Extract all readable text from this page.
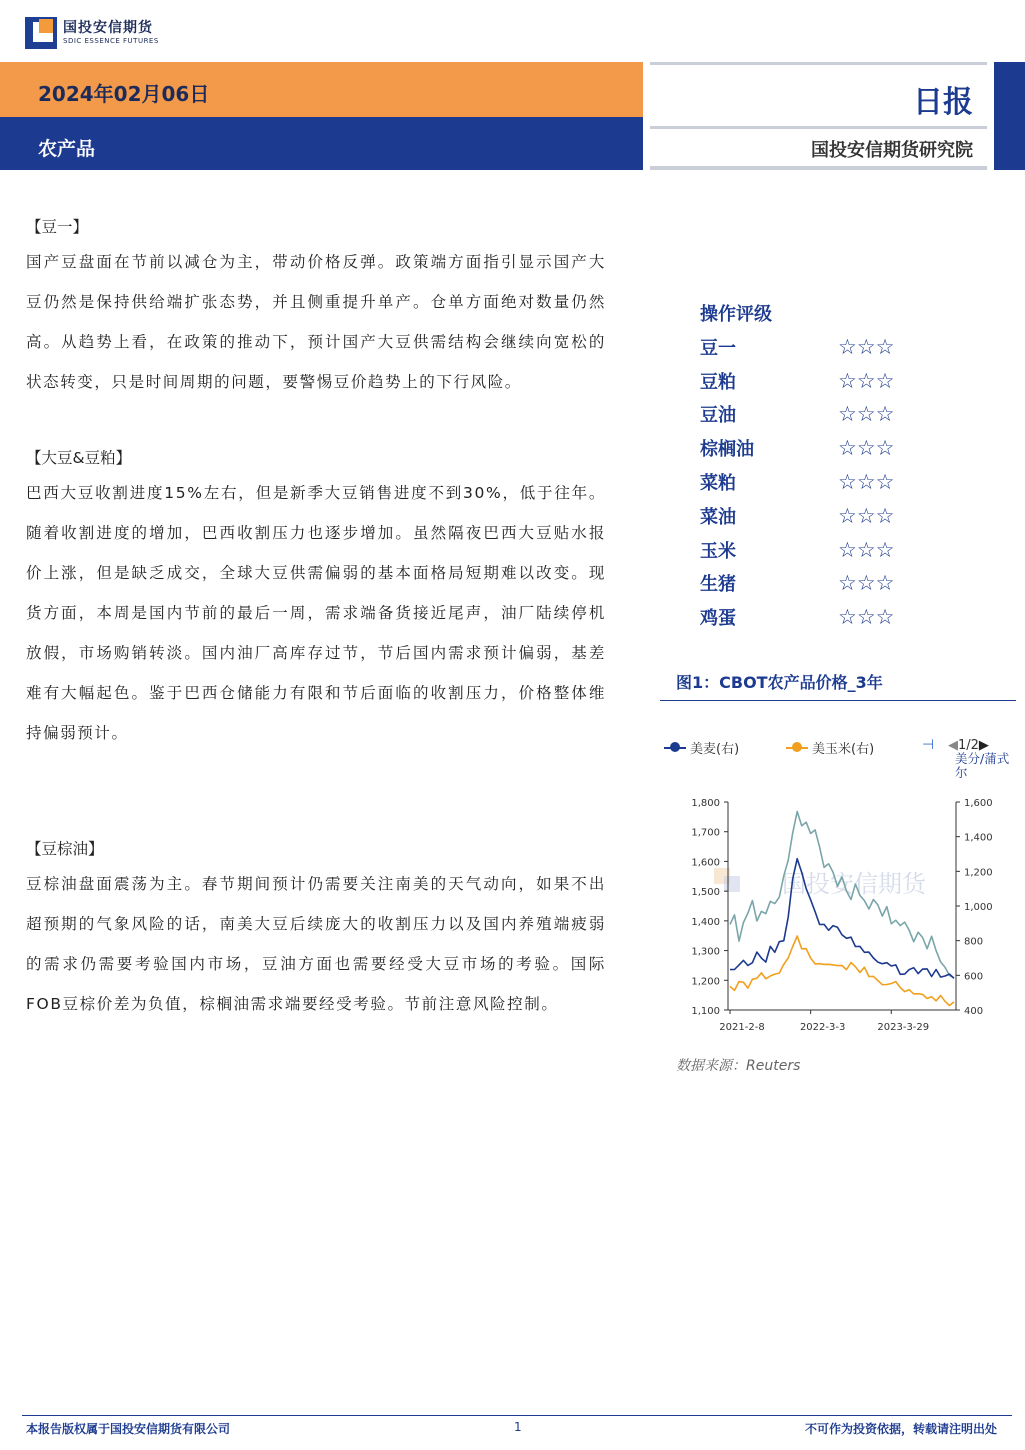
国投安信期货
SDIC ESSENCE FUTURES
2024年02月06日
农产品
日报
国投安信期货研究院
【豆一】

国产豆盘面在节前以减仓为主，带动价格反弹。政策端方面指引显示国产大豆仍然是保持供给端扩张态势，并且侧重提升单产。仓单方面绝对数量仍然高。从趋势上看，在政策的推动下，预计国产大豆供需结构会继续向宽松的状态转变，只是时间周期的问题，要警惕豆价趋势上的下行风险。

【大豆&豆粕】

巴西大豆收割进度15%左右，但是新季大豆销售进度不到30%，低于往年。随着收割进度的增加，巴西收割压力也逐步增加。虽然隔夜巴西大豆贴水报价上涨，但是缺乏成交，全球大豆供需偏弱的基本面格局短期难以改变。现货方面，本周是国内节前的最后一周，需求端备货接近尾声，油厂陆续停机放假，市场购销转淡。国内油厂高库存过节，节后国内需求预计偏弱，基差难有大幅起色。鉴于巴西仓储能力有限和节后面临的收割压力，价格整体维持偏弱预计。

【豆棕油】

豆棕油盘面震荡为主。春节期间预计仍需要关注南美的天气动向，如果不出超预期的气象风险的话，南美大豆后续庞大的收割压力以及国内养殖端疲弱的需求仍需要考验国内市场，豆油方面也需要经受大豆市场的考验。国际FOB豆棕价差为负值，棕榈油需求端要经受考验。节前注意风险控制。

操作评级
豆一	☆☆☆
豆粕	☆☆☆
豆油	☆☆☆
棕榈油	☆☆☆
菜粕	☆☆☆
菜油	☆☆☆
玉米	☆☆☆
生猪	☆☆☆
鸡蛋	☆☆☆
图1：CBOT农产品价格_3年
美麦(右)	美玉米(右)	⊣ ◀1/2▶
美分/蒲式尔
国投安信期货
1,800
1,700
1,600
1,500
1,400
1,300
1,200
1,100
1,600
1,400
1,200
1,000
800
600
400
2021-2-8	2022-3-3	2023-3-29
数据来源：Reuters
本报告版权属于国投安信期货有限公司	1	不可作为投资依据，转载请注明出处
